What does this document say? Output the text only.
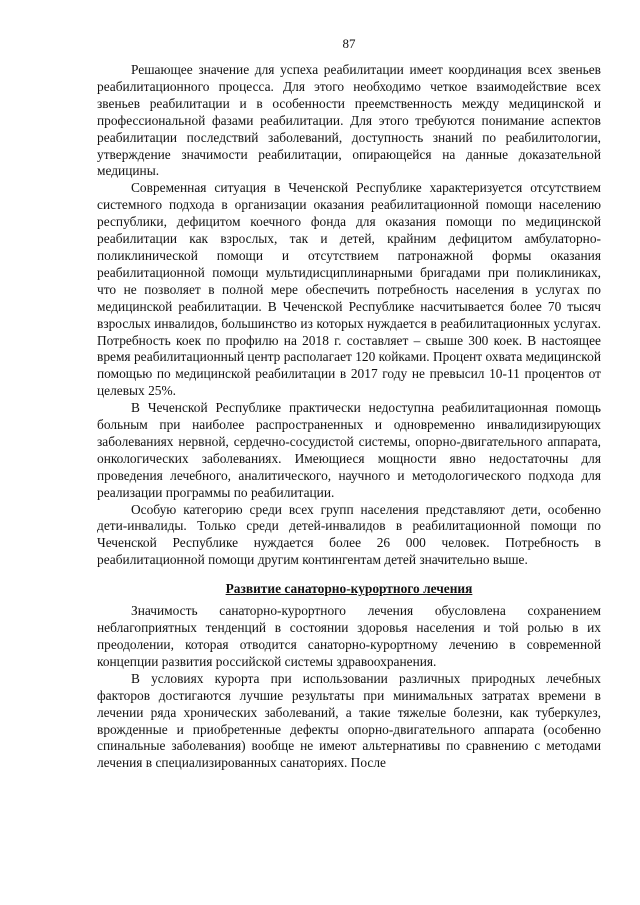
87

Решающее значение для успеха реабилитации имеет координация всех звеньев реабилитационного процесса. Для этого необходимо четкое взаимодействие всех звеньев реабилитации и в особенности преемственность между медицинской и профессиональной фазами реабилитации. Для этого требуются понимание аспектов реабилитации последствий заболеваний, доступность знаний по реабилитологии, утверждение значимости реабилитации, опирающейся на данные доказательной медицины.

Современная ситуация в Чеченской Республике характеризуется отсутствием системного подхода в организации оказания реабилитационной помощи населению республики, дефицитом коечного фонда для оказания помощи по медицинской реабилитации как взрослых, так и детей, крайним дефицитом амбулаторно-поликлинической помощи и отсутствием патронажной формы оказания реабилитационной помощи мультидисциплинарными бригадами при поликлиниках, что не позволяет в полной мере обеспечить потребность населения в услугах по медицинской реабилитации. В Чеченской Республике насчитывается более 70 тысяч взрослых инвалидов, большинство из которых нуждается в реабилитационных услугах. Потребность коек по профилю на 2018 г. составляет – свыше 300 коек. В настоящее время реабилитационный центр располагает 120 койками. Процент охвата медицинской помощью по медицинской реабилитации в 2017 году не превысил 10-11 процентов от целевых 25%.

В Чеченской Республике практически недоступна реабилитационная помощь больным при наиболее распространенных и одновременно инвалидизирующих заболеваниях нервной, сердечно-сосудистой системы, опорно-двигательного аппарата, онкологических заболеваниях. Имеющиеся мощности явно недостаточны для проведения лечебного, аналитического, научного и методологического подхода для реализации программы по реабилитации.

Особую категорию среди всех групп населения представляют дети, особенно дети-инвалиды. Только среди детей-инвалидов в реабилитационной помощи по Чеченской Республике нуждается более 26 000 человек. Потребность в реабилитационной помощи другим контингентам детей значительно выше.

Развитие санаторно-курортного лечения

Значимость санаторно-курортного лечения обусловлена сохранением неблагоприятных тенденций в состоянии здоровья населения и той ролью в их преодолении, которая отводится санаторно-курортному лечению в современной концепции развития российской системы здравоохранения.

В условиях курорта при использовании различных природных лечебных факторов достигаются лучшие результаты при минимальных затратах времени в лечении ряда хронических заболеваний, а такие тяжелые болезни, как туберкулез, врожденные и приобретенные дефекты опорно-двигательного аппарата (особенно спинальные заболевания) вообще не имеют альтернативы по сравнению с методами лечения в специализированных санаториях. После
